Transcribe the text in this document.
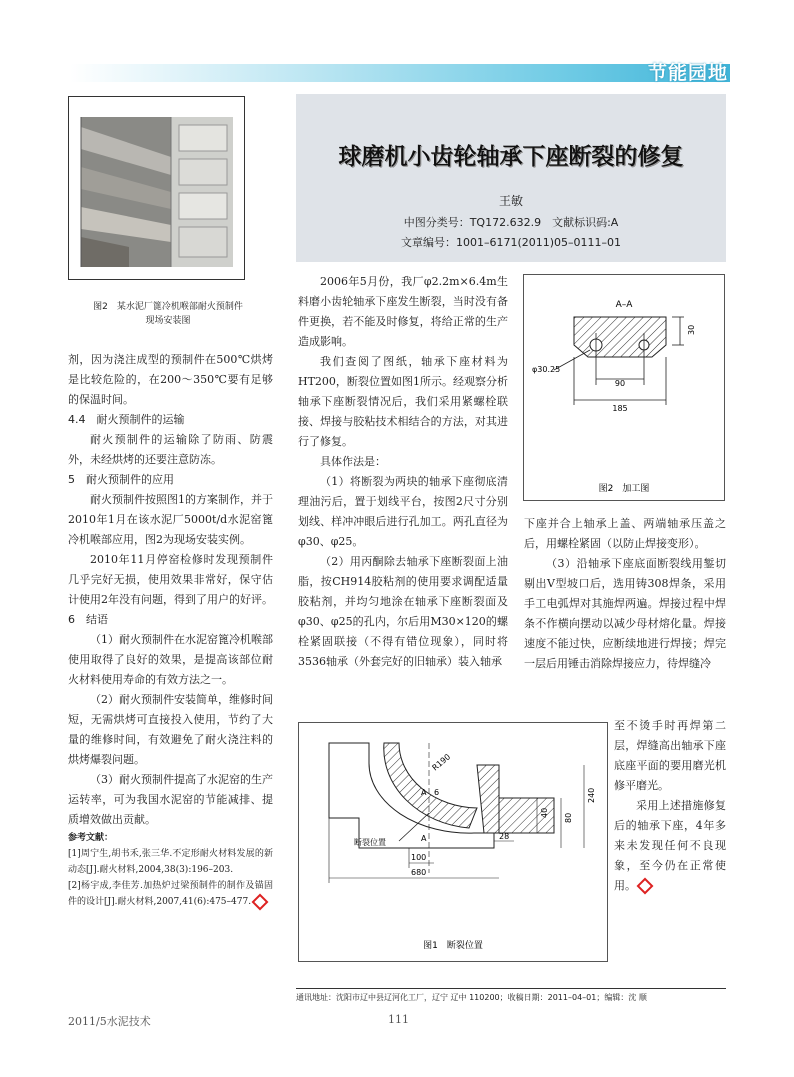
节能园地
图2　某水泥厂篦冷机喉部耐火预制件
现场安装图

剂，因为浇注成型的预制件在500℃烘烤是比较危险的，在200～350℃要有足够的保温时间。

4.4　耐火预制件的运输

耐火预制件的运输除了防雨、防震外，未经烘烤的还要注意防冻。

5　耐火预制件的应用

耐火预制件按照图1的方案制作，并于2010年1月在该水泥厂5000t/d水泥窑篦冷机喉部应用，图2为现场安装实例。

2010年11月停窑检修时发现预制件几乎完好无损，使用效果非常好，保守估计使用2年没有问题，得到了用户的好评。

6　结语

（1）耐火预制件在水泥窑篦冷机喉部使用取得了良好的效果，是提高该部位耐火材料使用寿命的有效方法之一。

（2）耐火预制件安装简单，维修时间短，无需烘烤可直接投入使用，节约了大量的维修时间，有效避免了耐火浇注料的烘烤爆裂问题。

（3）耐火预制件提高了水泥窑的生产运转率，可为我国水泥窑的节能减排、提质增效做出贡献。

参考文献：

[1]周宁生,胡书禾,张三华.不定形耐火材料发展的新动态[J].耐火材料,2004,38(3):196–203.

[2]杨宇成,李佳芳.加热炉过梁预制件的制作及锚固件的设计[J].耐火材料,2007,41(6):475–477.

球磨机小齿轮轴承下座断裂的修复
王敏
中图分类号：TQ172.632.9　文献标识码:A
文章编号：1001–6171(2011)05–0111–01

2006年5月份，我厂φ2.2m×6.4m生料磨小齿轮轴承下座发生断裂，当时没有备件更换，若不能及时修复，将给正常的生产造成影响。

我们查阅了图纸，轴承下座材料为HT200，断裂位置如图1所示。经观察分析轴承下座断裂情况后，我们采用紧螺栓联接、焊接与胶粘技术相结合的方法，对其进行了修复。

具体作法是：

（1）将断裂为两块的轴承下座彻底清理油污后，置于划线平台，按图2尺寸分别划线、样冲冲眼后进行孔加工。两孔直径为φ30、φ25。

（2）用丙酮除去轴承下座断裂面上油脂，按CH914胶粘剂的使用要求调配适量胶粘剂，并均匀地涂在轴承下座断裂面及φ30、φ25的孔内，尔后用M30×120的螺栓紧固联接（不得有错位现象），同时将3536轴承（外套完好的旧轴承）装入轴承

A–A
90
185
30
φ30.25
图2　加工图

下座并合上轴承上盖、两端轴承压盖之后，用螺栓紧固（以防止焊接变形）。

（3）沿轴承下座底面断裂线用錾切剔出V型坡口后，选用铸308焊条，采用手工电弧焊对其施焊两遍。焊接过程中焊条不作横向摆动以减少母材熔化量。焊接速度不能过快，应断续地进行焊接；焊完一层后用锤击消除焊接应力，待焊缝冷

至不烫手时再焊第二层，焊缝高出轴承下座底座平面的要用磨光机修平磨光。

采用上述措施修复后的轴承下座，4年多来未发现任何不良现象，至今仍在正常使用。

R190
A 6
A
断裂位置
100
680
28
40 80
240
图1　断裂位置
通讯地址：沈阳市辽中县辽河化工厂，辽宁 辽中 110200；收稿日期：2011–04–01；编辑：沈 顺
2011/5水泥技术	111
